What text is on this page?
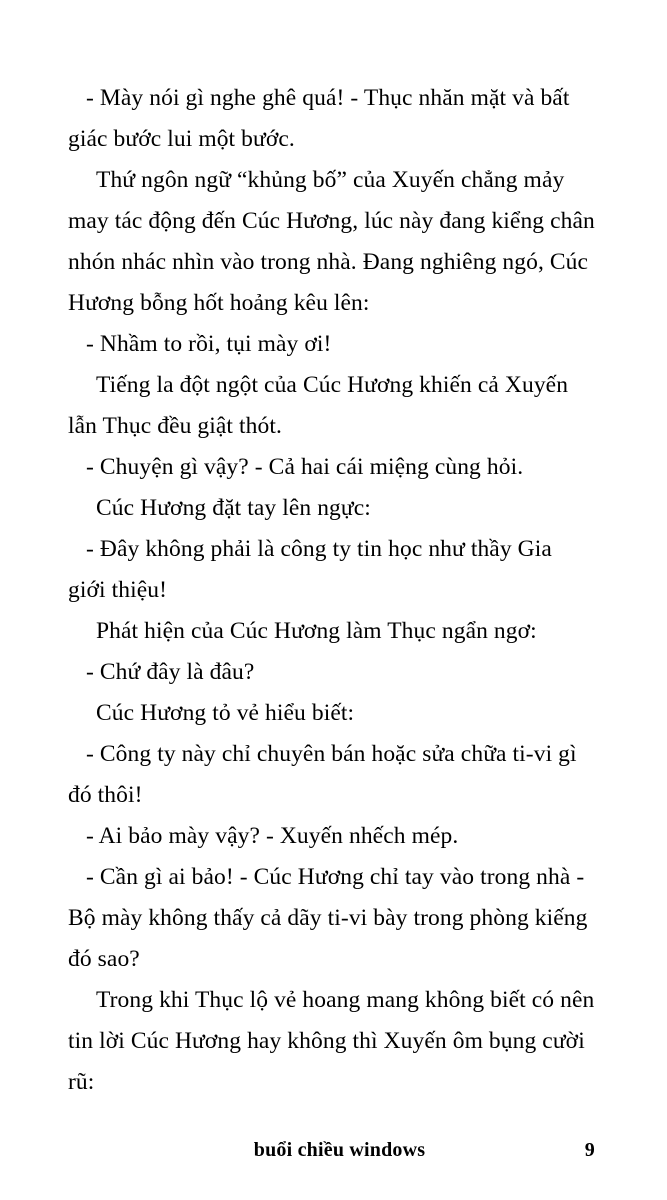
- Mày nói gì nghe ghê quá! - Thục nhăn mặt và bất giác bước lui một bước.

Thứ ngôn ngữ “khủng bố” của Xuyến chẳng mảy may tác động đến Cúc Hương, lúc này đang kiểng chân nhón nhác nhìn vào trong nhà. Đang nghiêng ngó, Cúc Hương bỗng hốt hoảng kêu lên:

- Nhầm to rồi, tụi mày ơi!

Tiếng la đột ngột của Cúc Hương khiến cả Xuyến lẫn Thục đều giật thót.

- Chuyện gì vậy? - Cả hai cái miệng cùng hỏi.

Cúc Hương đặt tay lên ngực:

- Đây không phải là công ty tin học như thầy Gia giới thiệu!

Phát hiện của Cúc Hương làm Thục ngẩn ngơ:

- Chứ đây là đâu?

Cúc Hương tỏ vẻ hiểu biết:

- Công ty này chỉ chuyên bán hoặc sửa chữa ti-vi gì đó thôi!

- Ai bảo mày vậy? - Xuyến nhếch mép.

- Cần gì ai bảo! - Cúc Hương chỉ tay vào trong nhà - Bộ mày không thấy cả dãy ti-vi bày trong phòng kiếng đó sao?

Trong khi Thục lộ vẻ hoang mang không biết có nên tin lời Cúc Hương hay không thì Xuyến ôm bụng cười rũ:

buổi chiều windows	9
